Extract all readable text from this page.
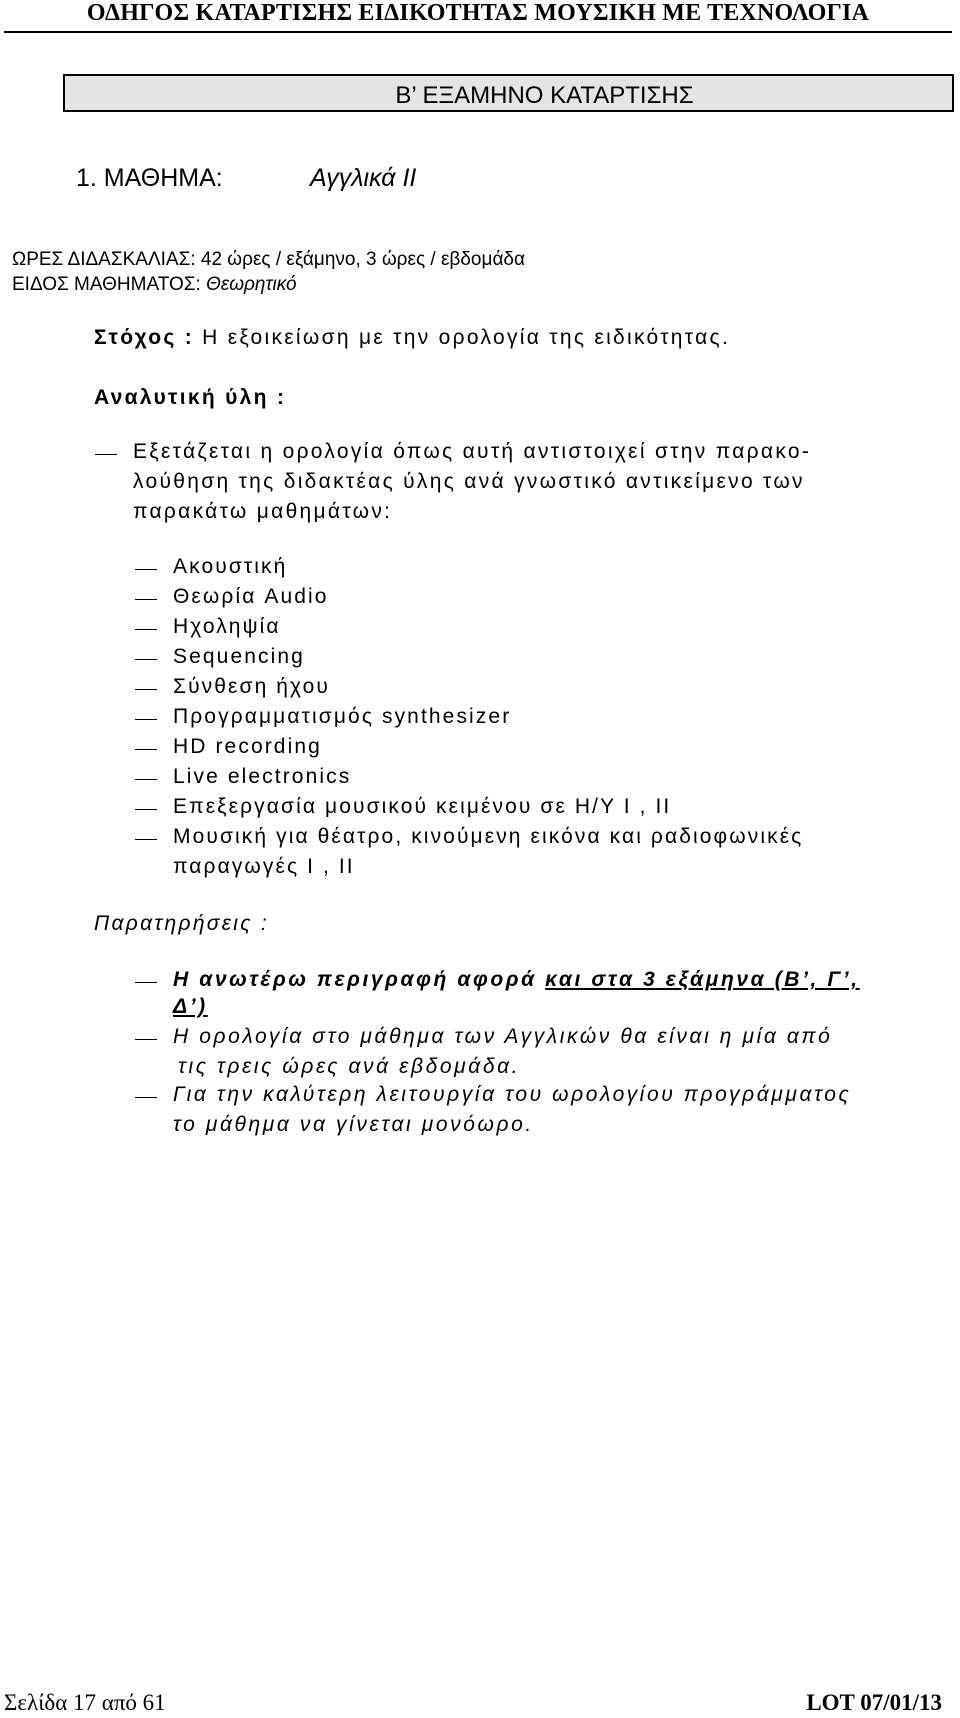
ΟΔΗΓΟΣ ΚΑΤΑΡΤΙΣΗΣ ΕΙΔΙΚΟΤΗΤΑΣ ΜΟΥΣΙΚΗ ΜΕ ΤΕΧΝΟΛΟΓΙΑ
Β’ ΕΞΑΜΗΝΟ ΚΑΤΑΡΤΙΣΗΣ
1. ΜΑΘΗΜΑ:	Αγγλικά ΙΙ
ΩΡΕΣ ΔΙΔΑΣΚΑΛΙΑΣ: 42 ώρες / εξάμηνο, 3 ώρες / εβδομάδα
ΕΙΔΟΣ ΜΑΘΗΜΑΤΟΣ: Θεωρητικό
Στόχος : Η εξοικείωση με την ορολογία της ειδικότητας.
Αναλυτική ύλη :
Εξετάζεται η ορολογία όπως αυτή αντιστοιχεί στην παρακο-
λούθηση της διδακτέας ύλης ανά γνωστικό αντικείμενο των
παρακάτω μαθημάτων:
Ακουστική
Θεωρία Audio
Ηχοληψία
Sequencing
Σύνθεση ήχου
Προγραμματισμός synthesizer
HD recording
Live electronics
Επεξεργασία μουσικού κειμένου σε Η/Υ Ι , ΙΙ
Μουσική για θέατρο, κινούμενη εικόνα και ραδιοφωνικές
παραγωγές Ι , ΙΙ
Παρατηρήσεις :
Η ανωτέρω περιγραφή αφορά και στα 3 εξάμηνα (Β’, Γ’,
Δ’)
Η ορολογία στο μάθημα των Αγγλικών θα είναι η μία από
τις τρεις ώρες ανά εβδομάδα.
Για την καλύτερη λειτουργία του ωρολογίου προγράμματος
το μάθημα να γίνεται μονόωρο.
Σελίδα 17 από 61	LOT 07/01/13
